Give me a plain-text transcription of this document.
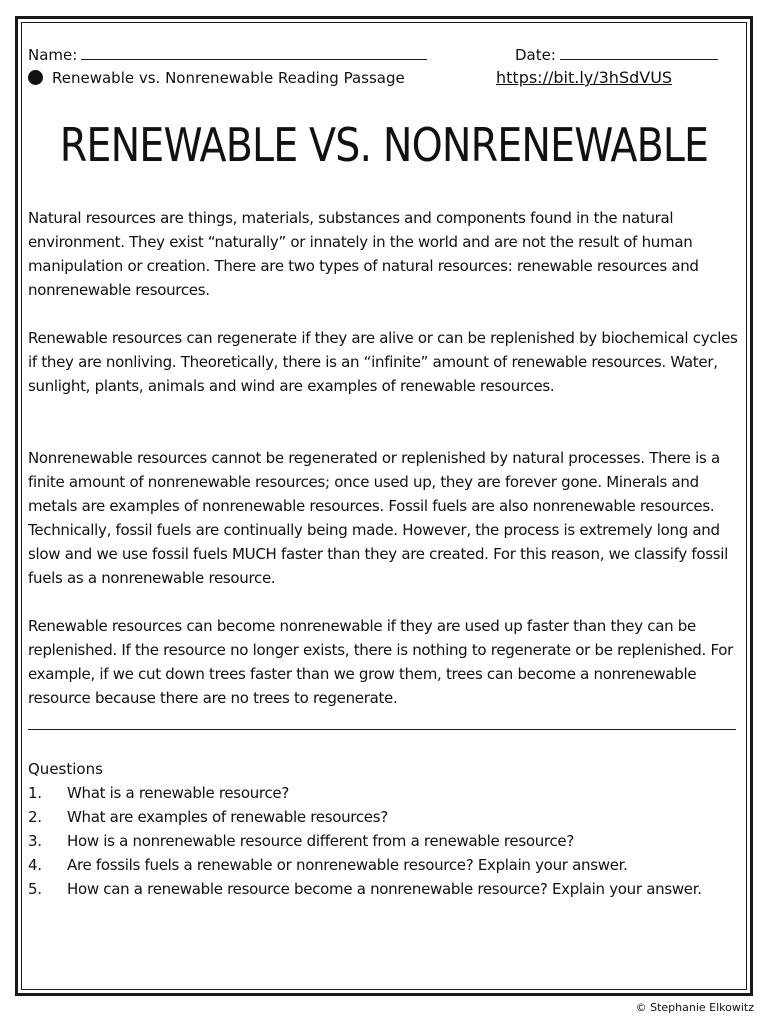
Name:	Date:
Renewable vs. Nonrenewable Reading Passage	https://bit.ly/3hSdVUS
RENEWABLE VS. NONRENEWABLE

Natural resources are things, materials, substances and components found in the natural environment. They exist “naturally” or innately in the world and are not the result of human manipulation or creation. There are two types of natural resources: renewable resources and nonrenewable resources.

Renewable resources can regenerate if they are alive or can be replenished by biochemical cycles if they are nonliving. Theoretically, there is an “infinite” amount of renewable resources. Water, sunlight, plants, animals and wind are examples of renewable resources.

Nonrenewable resources cannot be regenerated or replenished by natural processes. There is a finite amount of nonrenewable resources; once used up, they are forever gone. Minerals and metals are examples of nonrenewable resources. Fossil fuels are also nonrenewable resources. Technically, fossil fuels are continually being made. However, the process is extremely long and slow and we use fossil fuels MUCH faster than they are created. For this reason, we classify fossil fuels as a nonrenewable resource.

Renewable resources can become nonrenewable if they are used up faster than they can be replenished. If the resource no longer exists, there is nothing to regenerate or be replenished. For example, if we cut down trees faster than we grow them, trees can become a nonrenewable resource because there are no trees to regenerate.

Questions
1.	What is a renewable resource?
2.	What are examples of renewable resources?
3.	How is a nonrenewable resource different from a renewable resource?
4.	Are fossils fuels a renewable or nonrenewable resource? Explain your answer.
5.	How can a renewable resource become a nonrenewable resource? Explain your answer.
© Stephanie Elkowitz
